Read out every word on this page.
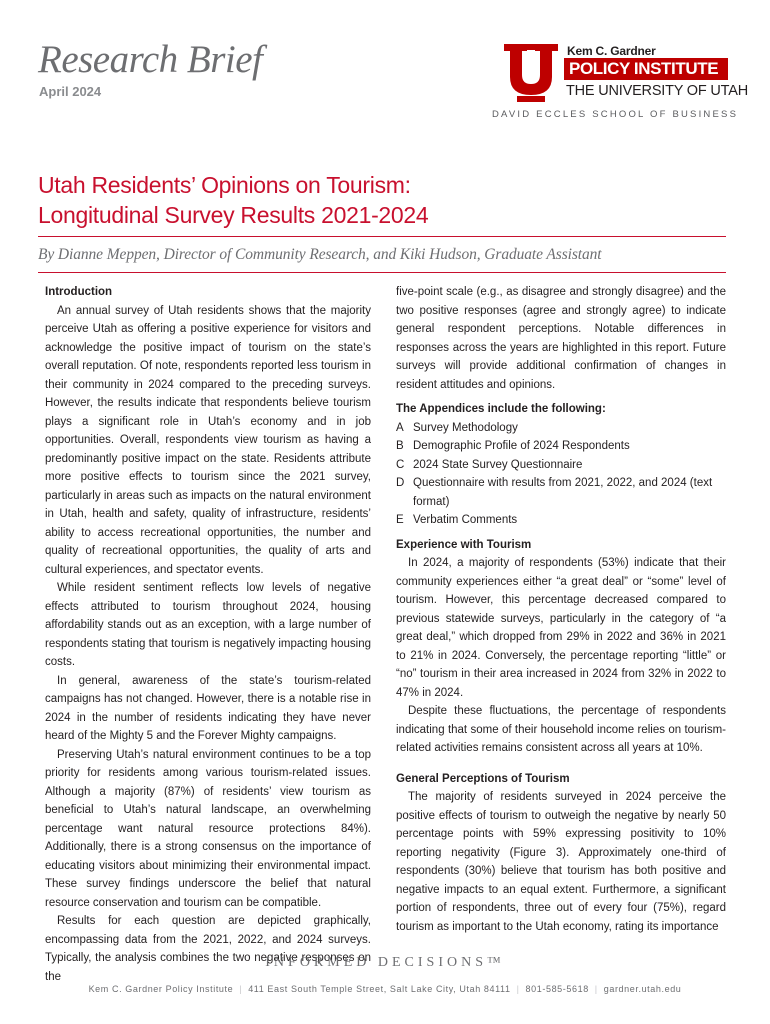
Research Brief
April 2024
Kem C. Gardner
POLICY INSTITUTE
THE UNIVERSITY OF UTAH
DAVID ECCLES SCHOOL OF BUSINESS
Utah Residents’ Opinions on Tourism:
Longitudinal Survey Results 2021-2024
By Dianne Meppen, Director of Community Research, and Kiki Hudson, Graduate Assistant
Introduction

An annual survey of Utah residents shows that the majority perceive Utah as offering a positive experience for visitors and acknowledge the positive impact of tourism on the state’s overall reputation. Of note, respondents reported less tourism in their community in 2024 compared to the preceding surveys. However, the results indicate that respondents believe tourism plays a significant role in Utah’s economy and in job opportunities. Overall, respondents view tourism as having a predominantly positive impact on the state. Residents attribute more positive effects to tourism since the 2021 survey, particularly in areas such as impacts on the natural environment in Utah, health and safety, quality of infrastructure, residents’ ability to access recreational opportunities, the number and quality of recreational opportunities, the quality of arts and cultural experiences, and spectator events.

While resident sentiment reflects low levels of negative effects attributed to tourism throughout 2024, housing affordability stands out as an exception, with a large number of respondents stating that tourism is negatively impacting housing costs.

In general, awareness of the state’s tourism-related campaigns has not changed. However, there is a notable rise in 2024 in the number of residents indicating they have never heard of the Mighty 5 and the Forever Mighty campaigns.

Preserving Utah’s natural environment continues to be a top priority for residents among various tourism-related issues. Although a majority (87%) of residents’ view tourism as beneficial to Utah’s natural landscape, an overwhelming percentage want natural resource protections 84%). Additionally, there is a strong consensus on the importance of educating visitors about minimizing their environmental impact. These survey findings underscore the belief that natural resource conservation and tourism can be compatible.

Results for each question are depicted graphically, encompassing data from the 2021, 2022, and 2024 surveys. Typically, the analysis combines the two negative responses on the

five-point scale (e.g., as disagree and strongly disagree) and the two positive responses (agree and strongly agree) to indicate general respondent perceptions. Notable differences in responses across the years are highlighted in this report. Future surveys will provide additional confirmation of changes in resident attitudes and opinions.

The Appendices include the following:
A Survey Methodology
B Demographic Profile of 2024 Respondents
C 2024 State Survey Questionnaire
D Questionnaire with results from 2021, 2022, and 2024 (text format)
E Verbatim Comments
Experience with Tourism

In 2024, a majority of respondents (53%) indicate that their community experiences either “a great deal” or “some” level of tourism. However, this percentage decreased compared to previous statewide surveys, particularly in the category of “a great deal,” which dropped from 29% in 2022 and 36% in 2021 to 21% in 2024. Conversely, the percentage reporting “little” or “no” tourism in their area increased in 2024 from 32% in 2022 to 47% in 2024.

Despite these fluctuations, the percentage of respondents indicating that some of their household income relies on tourism-related activities remains consistent across all years at 10%.

General Perceptions of Tourism

The majority of residents surveyed in 2024 perceive the positive effects of tourism to outweigh the negative by nearly 50 percentage points with 59% expressing positivity to 10% reporting negativity (Figure 3). Approximately one-third of respondents (30%) believe that tourism has both positive and negative impacts to an equal extent. Furthermore, a significant portion of respondents, three out of every four (75%), regard tourism as important to the Utah economy, rating its importance

INFORMED DECISIONS™
Kem C. Gardner Policy Institute | 411 East South Temple Street, Salt Lake City, Utah 84111 | 801-585-5618 | gardner.utah.edu
